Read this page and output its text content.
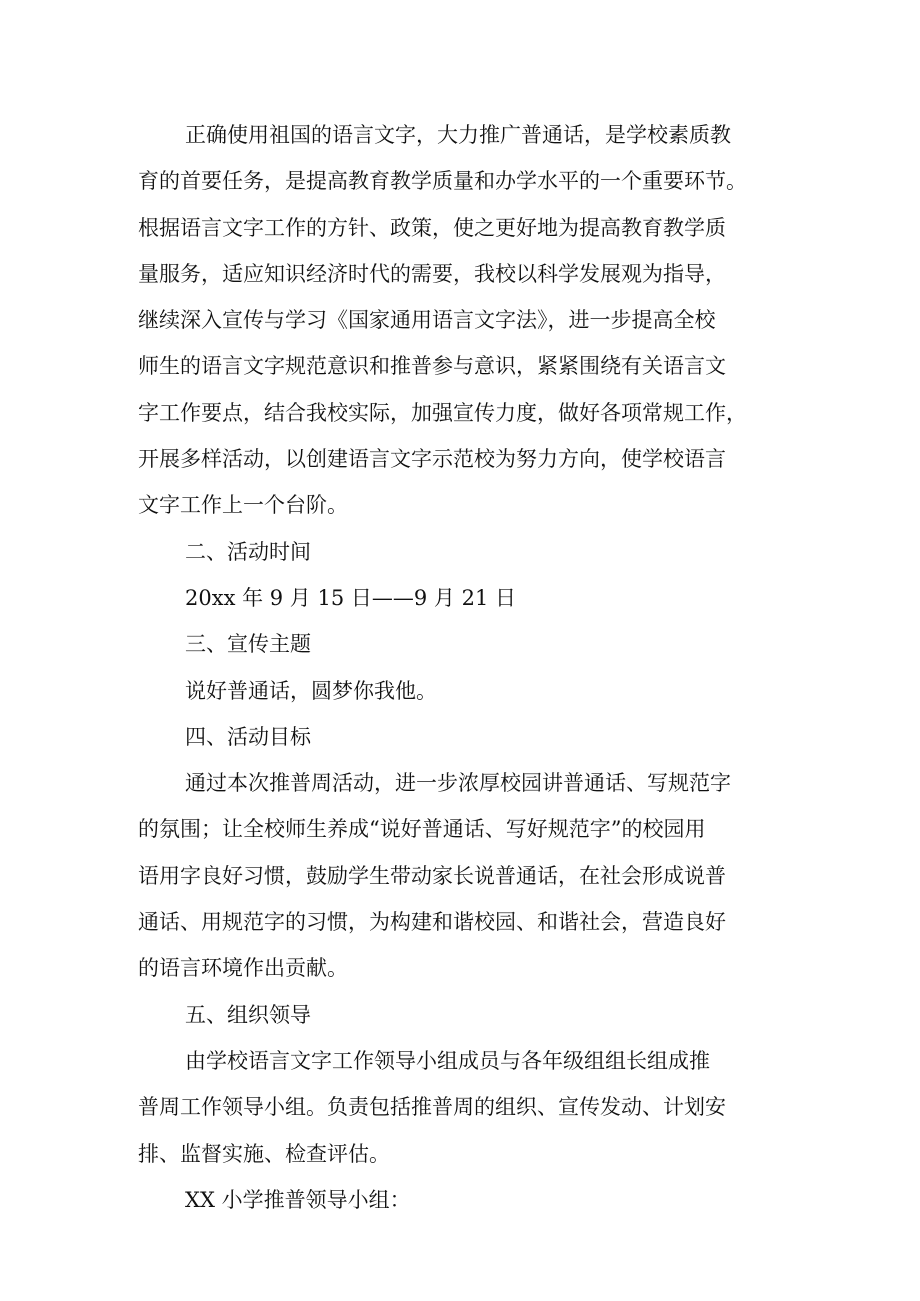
正确使用祖国的语言文字，大力推广普通话，是学校素质教
育的首要任务，是提高教育教学质量和办学水平的一个重要环节。
根据语言文字工作的方针、政策，使之更好地为提高教育教学质
量服务，适应知识经济时代的需要，我校以科学发展观为指导，
继续深入宣传与学习《国家通用语言文字法》，进一步提高全校
师生的语言文字规范意识和推普参与意识，紧紧围绕有关语言文
字工作要点，结合我校实际，加强宣传力度，做好各项常规工作，
开展多样活动，以创建语言文字示范校为努力方向，使学校语言
文字工作上一个台阶。
二、活动时间
20xx 年 9 月 15 日——9 月 21 日
三、宣传主题
说好普通话，圆梦你我他。
四、活动目标
通过本次推普周活动，进一步浓厚校园讲普通话、写规范字
的氛围；让全校师生养成“说好普通话、写好规范字”的校园用
语用字良好习惯，鼓励学生带动家长说普通话，在社会形成说普
通话、用规范字的习惯，为构建和谐校园、和谐社会，营造良好
的语言环境作出贡献。
五、组织领导
由学校语言文字工作领导小组成员与各年级组组长组成推
普周工作领导小组。负责包括推普周的组织、宣传发动、计划安
排、监督实施、检查评估。
XX 小学推普领导小组：
